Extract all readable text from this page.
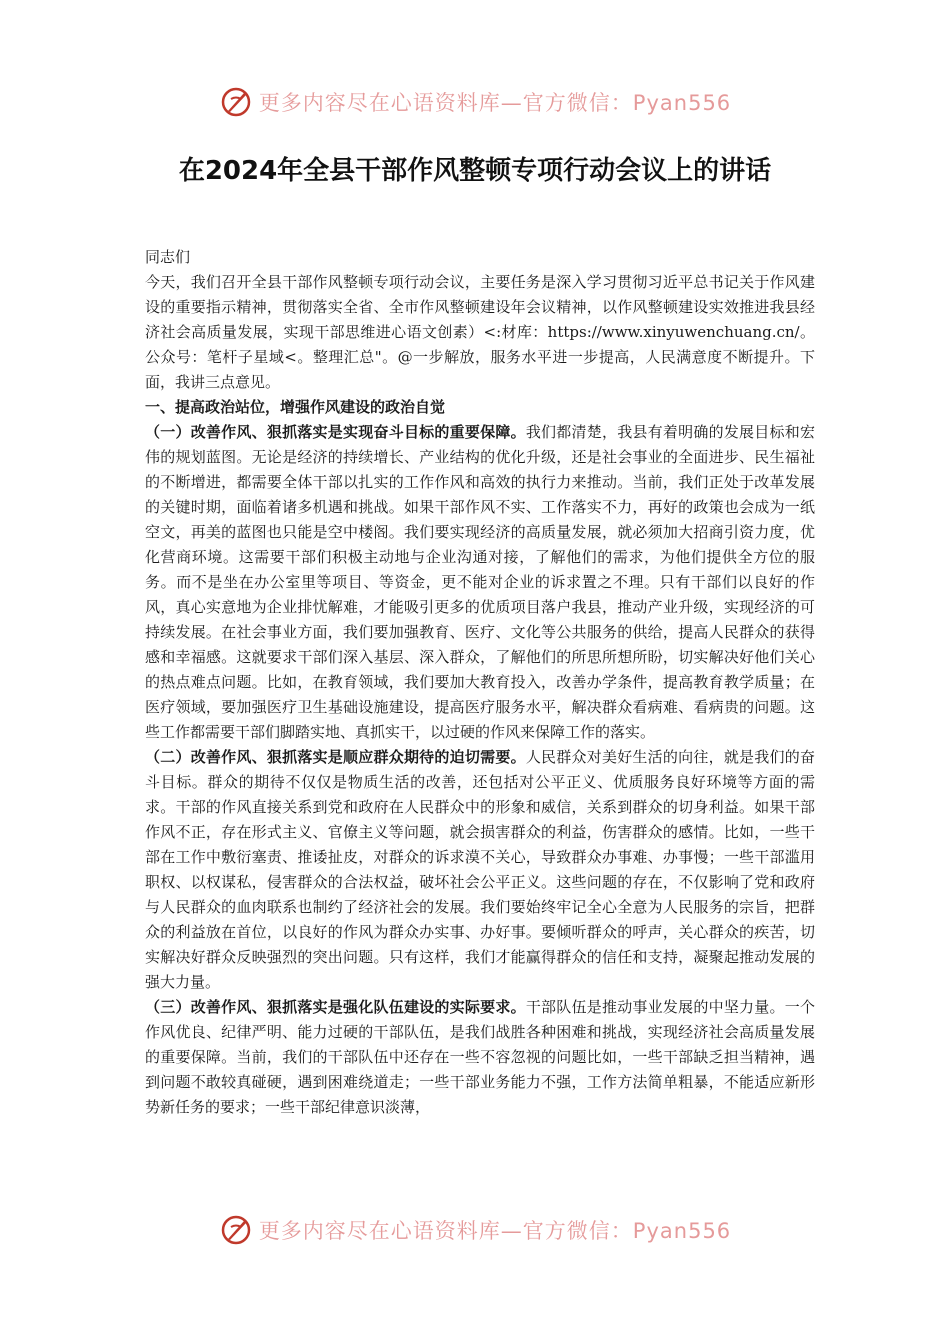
更多内容尽在心语资料库—官方微信：Pyan556
在2024年全县干部作风整顿专项行动会议上的讲话

同志们

今天，我们召开全县干部作风整顿专项行动会议，主要任务是深入学习贯彻习近平总书记关于作风建设的重要指示精神，贯彻落实全省、全市作风整顿建设年会议精神，以作风整顿建设实效推进我县经济社会高质量发展，实现干部思维进心语文创素）<:材库：https://www.xinyuwenchuang.cn/。公众号：笔杆子星域<。整理汇总"。@一步解放，服务水平进一步提高，人民满意度不断提升。下面，我讲三点意见。

一、提高政治站位，增强作风建设的政治自觉

（一）改善作风、狠抓落实是实现奋斗目标的重要保障。我们都清楚，我县有着明确的发展目标和宏伟的规划蓝图。无论是经济的持续增长、产业结构的优化升级，还是社会事业的全面进步、民生福祉的不断增进，都需要全体干部以扎实的工作作风和高效的执行力来推动。当前，我们正处于改革发展的关键时期，面临着诸多机遇和挑战。如果干部作风不实、工作落实不力，再好的政策也会成为一纸空文，再美的蓝图也只能是空中楼阁。我们要实现经济的高质量发展，就必须加大招商引资力度，优化营商环境。这需要干部们积极主动地与企业沟通对接，了解他们的需求，为他们提供全方位的服务。而不是坐在办公室里等项目、等资金，更不能对企业的诉求置之不理。只有干部们以良好的作风，真心实意地为企业排忧解难，才能吸引更多的优质项目落户我县，推动产业升级，实现经济的可持续发展。在社会事业方面，我们要加强教育、医疗、文化等公共服务的供给，提高人民群众的获得感和幸福感。这就要求干部们深入基层、深入群众，了解他们的所思所想所盼，切实解决好他们关心的热点难点问题。比如，在教育领域，我们要加大教育投入，改善办学条件，提高教育教学质量；在医疗领域，要加强医疗卫生基础设施建设，提高医疗服务水平，解决群众看病难、看病贵的问题。这些工作都需要干部们脚踏实地、真抓实干，以过硬的作风来保障工作的落实。

（二）改善作风、狠抓落实是顺应群众期待的迫切需要。人民群众对美好生活的向往，就是我们的奋斗目标。群众的期待不仅仅是物质生活的改善，还包括对公平正义、优质服务良好环境等方面的需求。干部的作风直接关系到党和政府在人民群众中的形象和威信，关系到群众的切身利益。如果干部作风不正，存在形式主义、官僚主义等问题，就会损害群众的利益，伤害群众的感情。比如，一些干部在工作中敷衍塞责、推诿扯皮，对群众的诉求漠不关心，导致群众办事难、办事慢；一些干部滥用职权、以权谋私，侵害群众的合法权益，破坏社会公平正义。这些问题的存在，不仅影响了党和政府与人民群众的血肉联系也制约了经济社会的发展。我们要始终牢记全心全意为人民服务的宗旨，把群众的利益放在首位，以良好的作风为群众办实事、办好事。要倾听群众的呼声，关心群众的疾苦，切实解决好群众反映强烈的突出问题。只有这样，我们才能赢得群众的信任和支持，凝聚起推动发展的强大力量。

（三）改善作风、狠抓落实是强化队伍建设的实际要求。干部队伍是推动事业发展的中坚力量。一个作风优良、纪律严明、能力过硬的干部队伍，是我们战胜各种困难和挑战，实现经济社会高质量发展的重要保障。当前，我们的干部队伍中还存在一些不容忽视的问题比如，一些干部缺乏担当精神，遇到问题不敢较真碰硬，遇到困难绕道走；一些干部业务能力不强，工作方法简单粗暴，不能适应新形势新任务的要求；一些干部纪律意识淡薄，

更多内容尽在心语资料库—官方微信：Pyan556
